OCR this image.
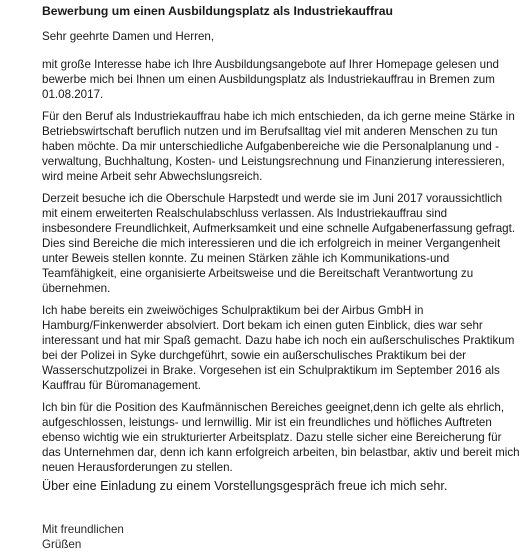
Bewerbung um einen Ausbildungsplatz als Industriekauffrau
Sehr geehrte Damen und Herren,
mit große Interesse habe ich Ihre Ausbildungsangebote auf Ihrer Homepage gelesen und
bewerbe mich bei Ihnen um einen Ausbildungsplatz als Industriekauffrau in Bremen zum
01.08.2017.
Für den Beruf als Industriekauffrau habe ich mich entschieden, da ich gerne meine Stärke in
Betriebswirtschaft beruflich nutzen und im Berufsalltag viel mit anderen Menschen zu tun
haben möchte. Da mir unterschiedliche Aufgabenbereiche wie die Personalplanung und -
verwaltung, Buchhaltung, Kosten- und Leistungsrechnung und Finanzierung interessieren,
wird meine Arbeit sehr Abwechslungsreich.
Derzeit besuche ich die Oberschule Harpstedt und werde sie im Juni 2017 voraussichtlich
mit einem erweiterten Realschulabschluss verlassen. Als Industriekauffrau sind
insbesondere Freundlichkeit, Aufmerksamkeit und eine schnelle Aufgabenerfassung gefragt.
Dies sind Bereiche die mich interessieren und die ich erfolgreich in meiner Vergangenheit
unter Beweis stellen konnte. Zu meinen Stärken zähle ich Kommunikations-und
Teamfähigkeit, eine organisierte Arbeitsweise und die Bereitschaft Verantwortung zu
übernehmen.
Ich habe bereits ein zweiwöchiges Schulpraktikum bei der Airbus GmbH in
Hamburg/Finkenwerder absolviert. Dort bekam ich einen guten Einblick, dies war sehr
interessant und hat mir Spaß gemacht. Dazu habe ich noch ein außerschulisches Praktikum
bei der Polizei in Syke durchgeführt, sowie ein außerschulisches Praktikum bei der
Wasserschutzpolizei in Brake. Vorgesehen ist ein Schulpraktikum im September 2016 als
Kauffrau für Büromanagement.
Ich bin für die Position des Kaufmännischen Bereiches geeignet,denn ich gelte als ehrlich,
aufgeschlossen, leistungs- und lernwillig. Mir ist ein freundliches und höfliches Auftreten
ebenso wichtig wie ein strukturierter Arbeitsplatz. Dazu stelle sicher eine Bereicherung für
das Unternehmen dar, denn ich kann erfolgreich arbeiten, bin belastbar, aktiv und bereit mich
neuen Herausforderungen zu stellen.
Über eine Einladung zu einem Vorstellungsgespräch freue ich mich sehr.
Mit freundlichen Grüßen
